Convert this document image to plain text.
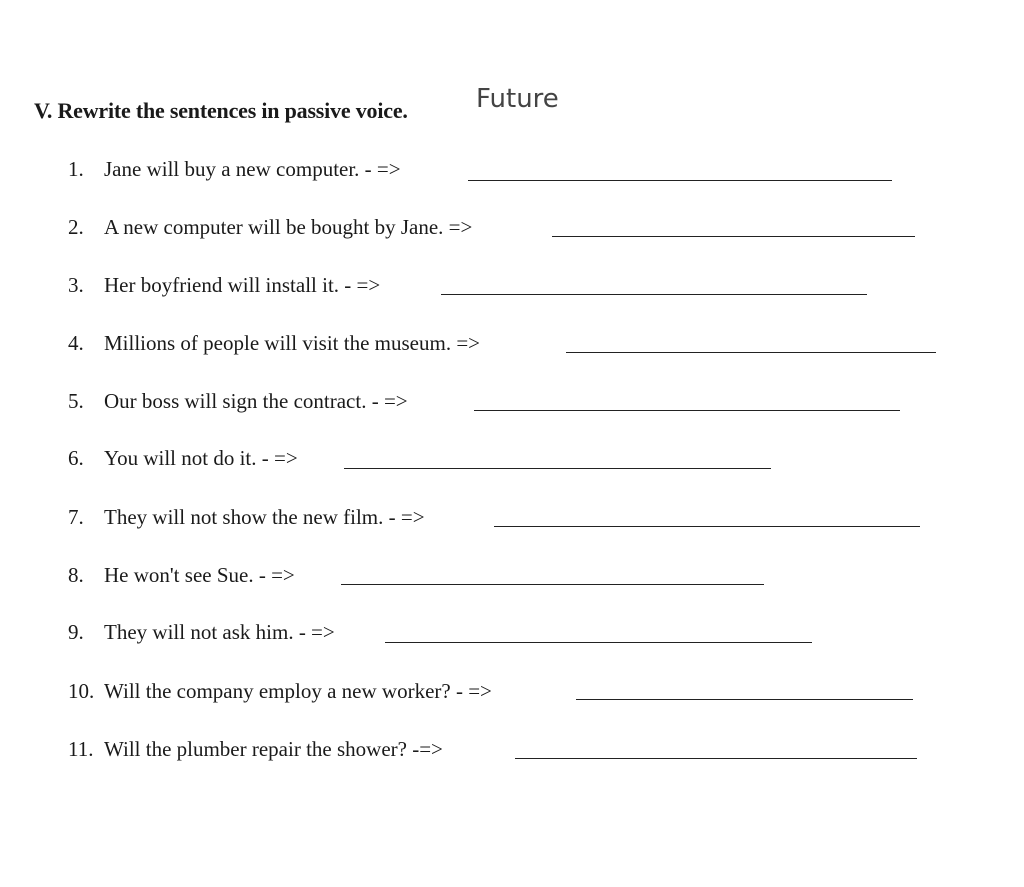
V. Rewrite the sentences in passive voice.	Future
1. Jane will buy a new computer. - =>
2. A new computer will be bought by Jane. =>
3. Her boyfriend will install it. - =>
4. Millions of people will visit the museum. =>
5. Our boss will sign the contract. - =>
6. You will not do it. - =>
7. They will not show the new film. - =>
8. He won't see Sue. - =>
9. They will not ask him. - =>
10. Will the company employ a new worker? - =>
11. Will the plumber repair the shower? -=>
